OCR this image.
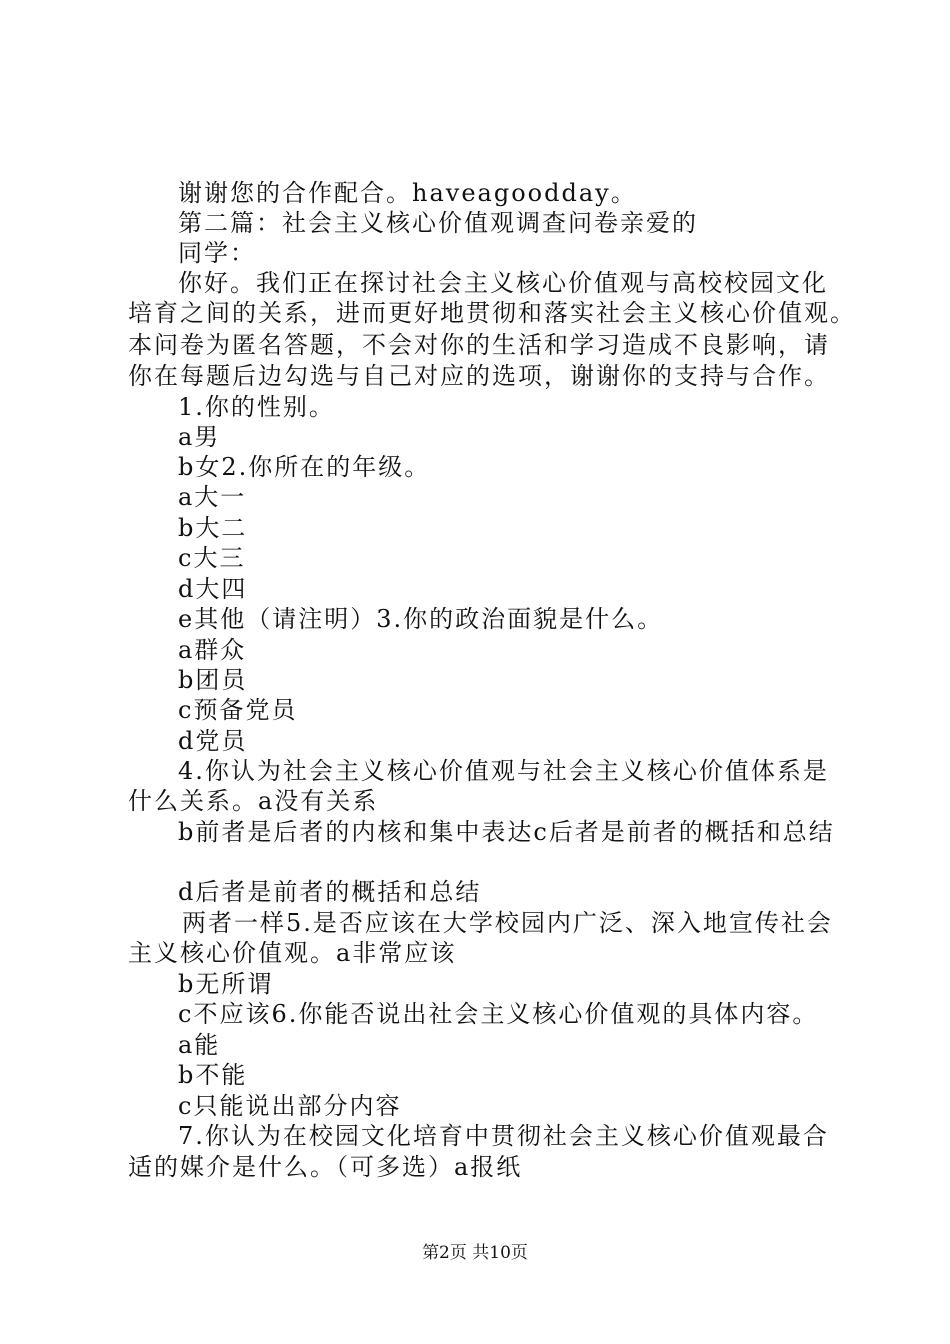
谢谢您的合作配合。haveagoodday。
第二篇：社会主义核心价值观调查问卷亲爱的
同学：
你好。我们正在探讨社会主义核心价值观与高校校园文化
培育之间的关系，进而更好地贯彻和落实社会主义核心价值观。
本问卷为匿名答题，不会对你的生活和学习造成不良影响，请
你在每题后边勾选与自己对应的选项，谢谢你的支持与合作。
1.你的性别。
a男
b女2.你所在的年级。
a大一
b大二
c大三
d大四
e其他（请注明）3.你的政治面貌是什么。
a群众
b团员
c预备党员
d党员
4.你认为社会主义核心价值观与社会主义核心价值体系是
什么关系。a没有关系
b前者是后者的内核和集中表达c后者是前者的概括和总结
d后者是前者的概括和总结
两者一样5.是否应该在大学校园内广泛、深入地宣传社会
主义核心价值观。a非常应该
b无所谓
c不应该6.你能否说出社会主义核心价值观的具体内容。
a能
b不能
c只能说出部分内容
7.你认为在校园文化培育中贯彻社会主义核心价值观最合
适的媒介是什么。（可多选）a报纸
第2页 共10页
